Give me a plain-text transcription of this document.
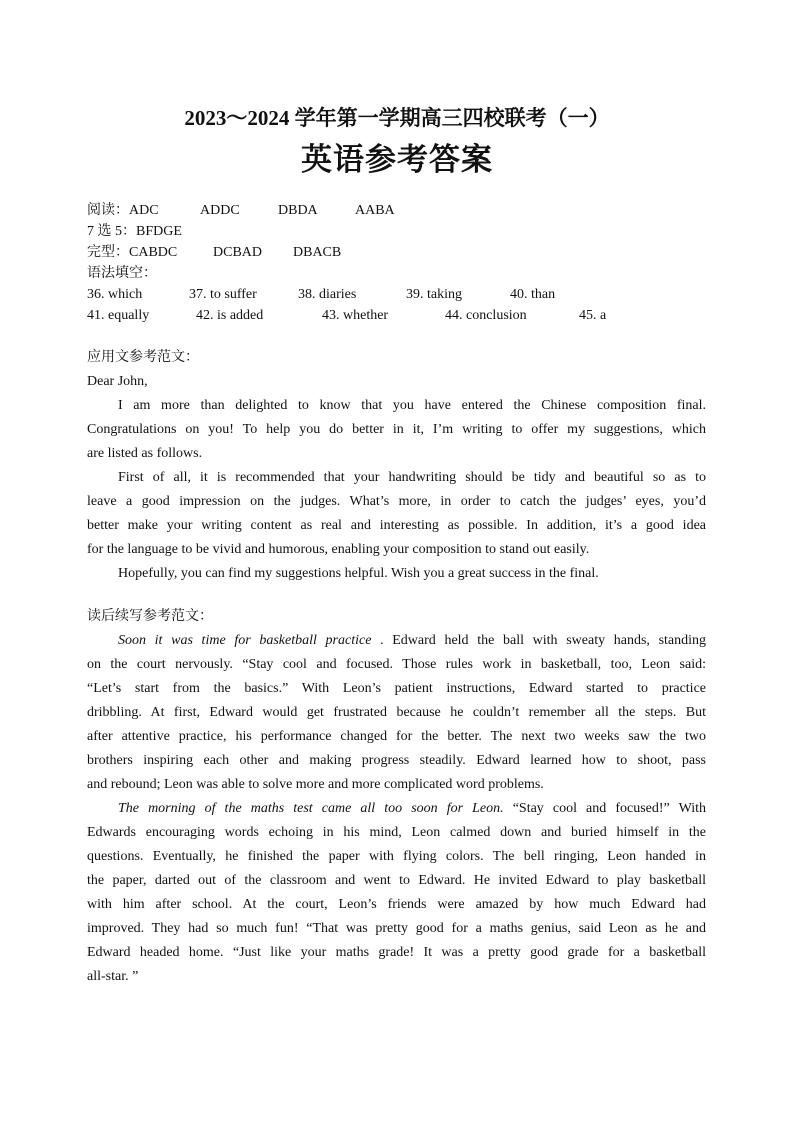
2023～2024 学年第一学期高三四校联考（一）
英语参考答案
阅读：ADC	ADDC	DBDA	AABA
7 选 5：BFDGE
完型：CABDC	DCBAD DBACB
语法填空：
36. which	37. to suffer	38. diaries	39. taking	40. than
41. equally	42. is added	43. whether	44. conclusion	45. a
应用文参考范文：
Dear John,
I am more than delighted to know that you have entered the Chinese composition final.
Congratulations on you! To help you do better in it, I’m writing to offer my suggestions, which
are listed as follows.
First of all, it is recommended that your handwriting should be tidy and beautiful so as to
leave a good impression on the judges. What’s more, in order to catch the judges’ eyes, you’d
better make your writing content as real and interesting as possible. In addition, it’s a good idea
for the language to be vivid and humorous, enabling your composition to stand out easily.
Hopefully, you can find my suggestions helpful. Wish you a great success in the final.
读后续写参考范文：
Soon it was time for basketball practice . Edward held the ball with sweaty hands, standing
on the court nervously. “Stay cool and focused. Those rules work in basketball, too, Leon said:
“Let’s start from the basics.” With Leon’s patient instructions, Edward started to practice
dribbling. At first, Edward would get frustrated because he couldn’t remember all the steps. But
after attentive practice, his performance changed for the better. The next two weeks saw the two
brothers inspiring each other and making progress steadily. Edward learned how to shoot, pass
and rebound; Leon was able to solve more and more complicated word problems.
The morning of the maths test came all too soon for Leon. “Stay cool and focused!” With
Edwards encouraging words echoing in his mind, Leon calmed down and buried himself in the
questions. Eventually, he finished the paper with flying colors. The bell ringing, Leon handed in
the paper, darted out of the classroom and went to Edward. He invited Edward to play basketball
with him after school. At the court, Leon’s friends were amazed by how much Edward had
improved. They had so much fun! “That was pretty good for a maths genius, said Leon as he and
Edward headed home. “Just like your maths grade! It was a pretty good grade for a basketball
all-star. ”
